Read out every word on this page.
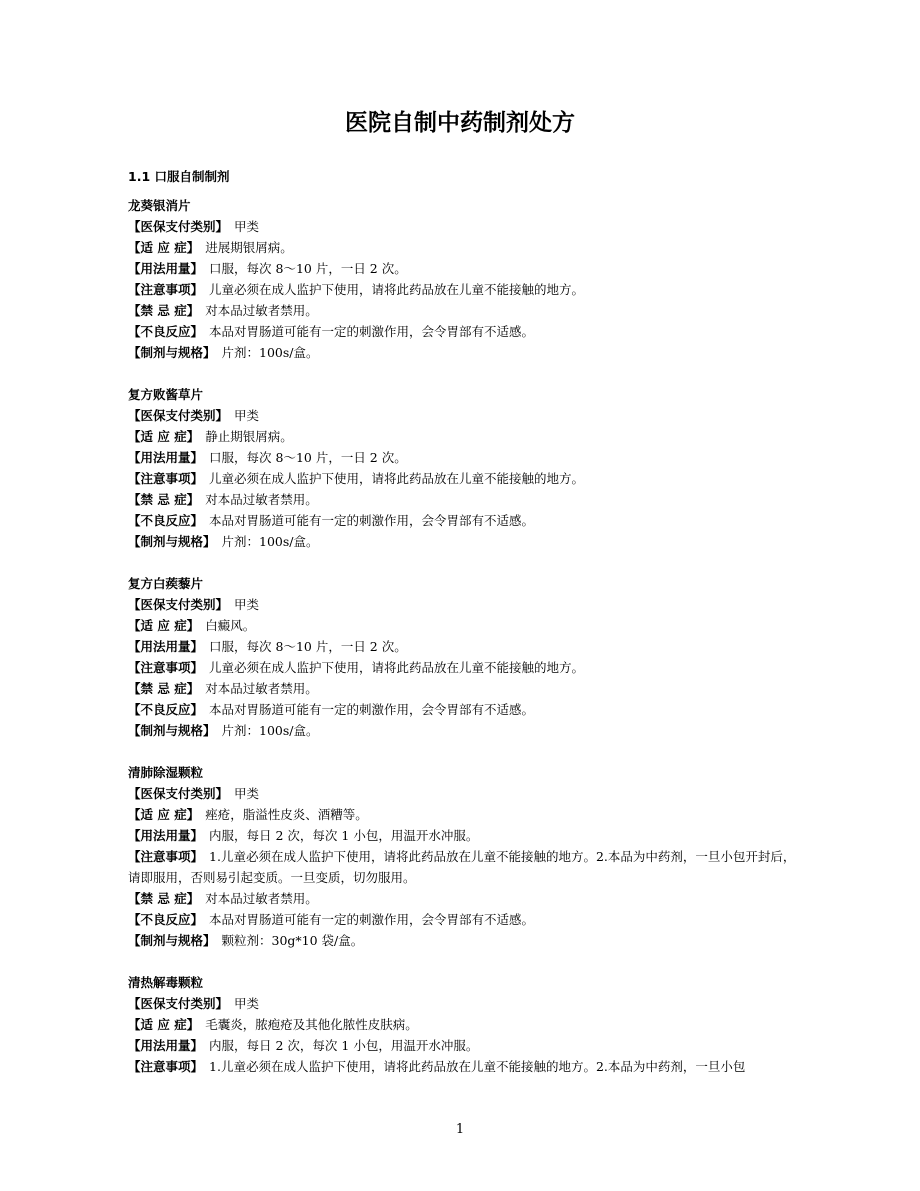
医院自制中药制剂处方
1.1 口服自制制剂
龙葵银消片
【医保支付类别】 甲类
【适 应 症】 进展期银屑病。
【用法用量】 口服，每次 8～10 片，一日 2 次。
【注意事项】 儿童必须在成人监护下使用，请将此药品放在儿童不能接触的地方。
【禁 忌 症】 对本品过敏者禁用。
【不良反应】 本品对胃肠道可能有一定的刺激作用，会令胃部有不适感。
【制剂与规格】 片剂：100s/盒。
复方败酱草片
【医保支付类别】 甲类
【适 应 症】 静止期银屑病。
【用法用量】 口服，每次 8～10 片，一日 2 次。
【注意事项】 儿童必须在成人监护下使用，请将此药品放在儿童不能接触的地方。
【禁 忌 症】 对本品过敏者禁用。
【不良反应】 本品对胃肠道可能有一定的刺激作用，会令胃部有不适感。
【制剂与规格】 片剂：100s/盒。
复方白蒺藜片
【医保支付类别】 甲类
【适 应 症】 白癜风。
【用法用量】 口服，每次 8～10 片，一日 2 次。
【注意事项】 儿童必须在成人监护下使用，请将此药品放在儿童不能接触的地方。
【禁 忌 症】 对本品过敏者禁用。
【不良反应】 本品对胃肠道可能有一定的刺激作用，会令胃部有不适感。
【制剂与规格】 片剂：100s/盒。
清肺除湿颗粒
【医保支付类别】 甲类
【适 应 症】 痤疮，脂溢性皮炎、酒糟等。
【用法用量】 内服，每日 2 次，每次 1 小包，用温开水冲服。
【注意事项】 1.儿童必须在成人监护下使用，请将此药品放在儿童不能接触的地方。2.本品为中药剂，一旦小包开封后，请即服用，否则易引起变质。一旦变质，切勿服用。
【禁 忌 症】 对本品过敏者禁用。
【不良反应】 本品对胃肠道可能有一定的刺激作用，会令胃部有不适感。
【制剂与规格】 颗粒剂：30g*10 袋/盒。
清热解毒颗粒
【医保支付类别】 甲类
【适 应 症】 毛囊炎，脓疱疮及其他化脓性皮肤病。
【用法用量】 内服，每日 2 次，每次 1 小包，用温开水冲服。
【注意事项】 1.儿童必须在成人监护下使用，请将此药品放在儿童不能接触的地方。2.本品为中药剂，一旦小包
1
